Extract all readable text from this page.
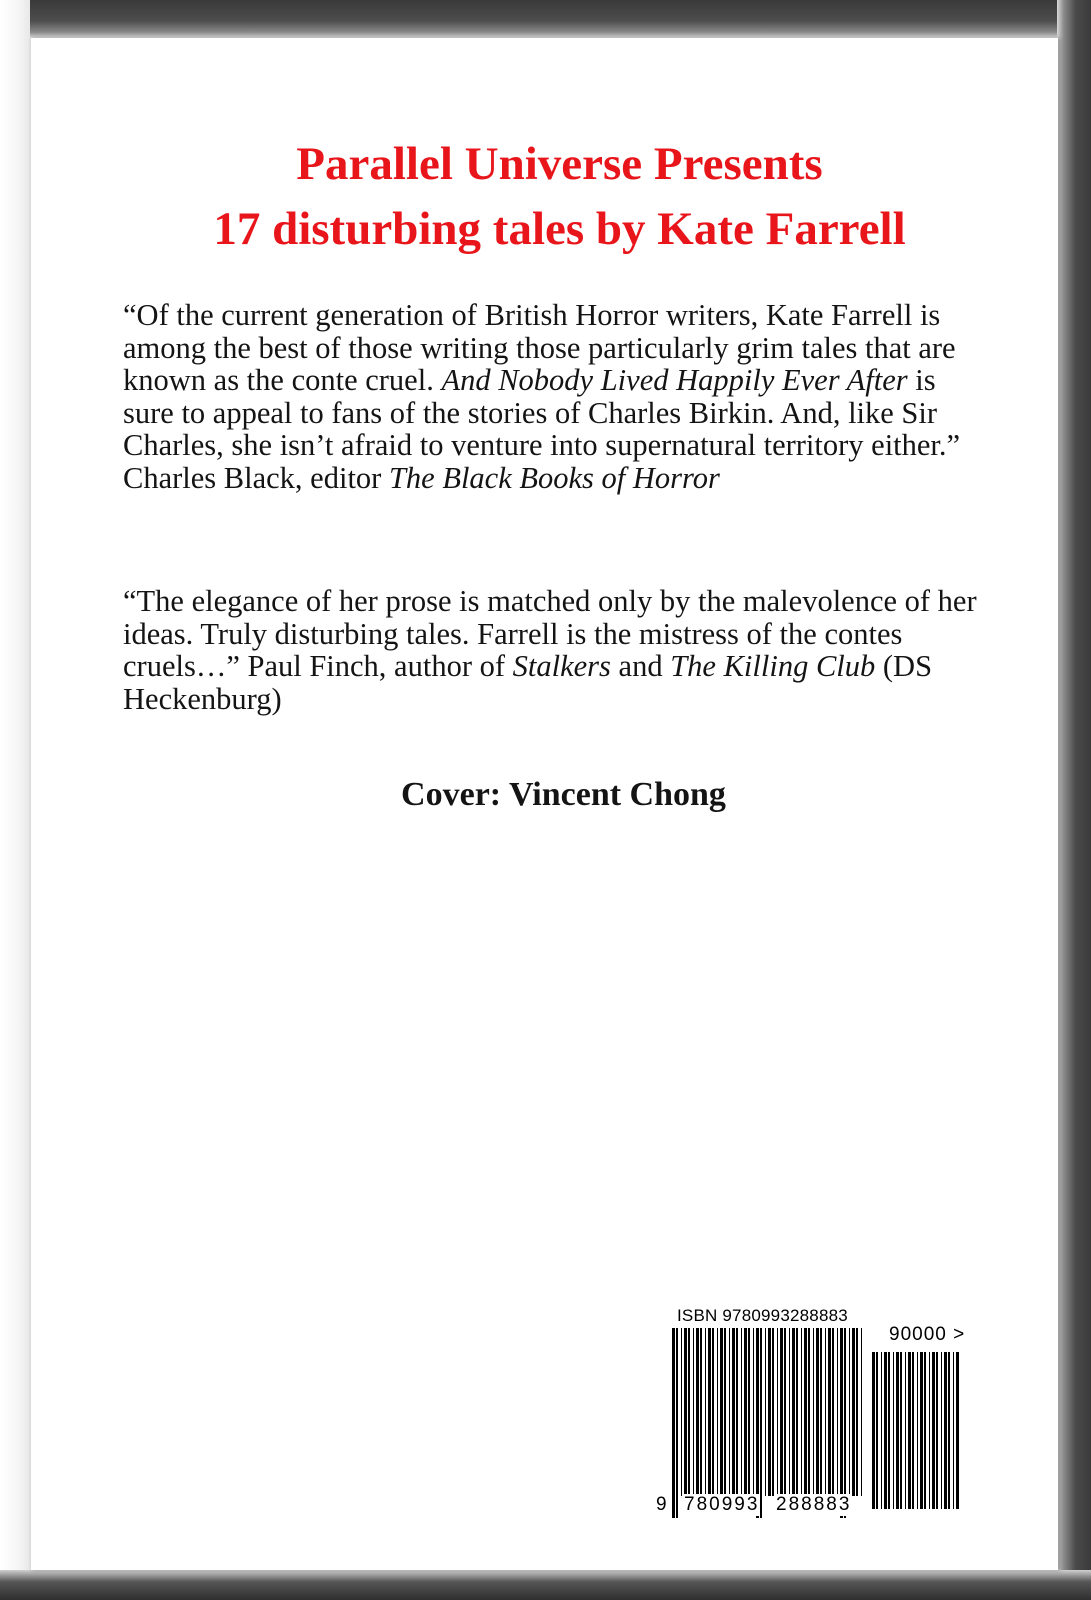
Parallel Universe Presents
17 disturbing tales by Kate Farrell
“Of the current generation of British Horror writers, Kate Farrell is among the best of those writing those particularly grim tales that are known as the conte cruel. And Nobody Lived Happily Ever After is sure to appeal to fans of the stories of Charles Birkin. And, like Sir Charles, she isn’t afraid to venture into supernatural territory either.” Charles Black, editor The Black Books of Horror
“The elegance of her prose is matched only by the malevolence of her ideas. Truly disturbing tales. Farrell is the mistress of the contes cruels…” Paul Finch, author of Stalkers and The Killing Club (DS Heckenburg)
Cover: Vincent Chong
ISBN 9780993288883
90000 >
9 780993 288883
